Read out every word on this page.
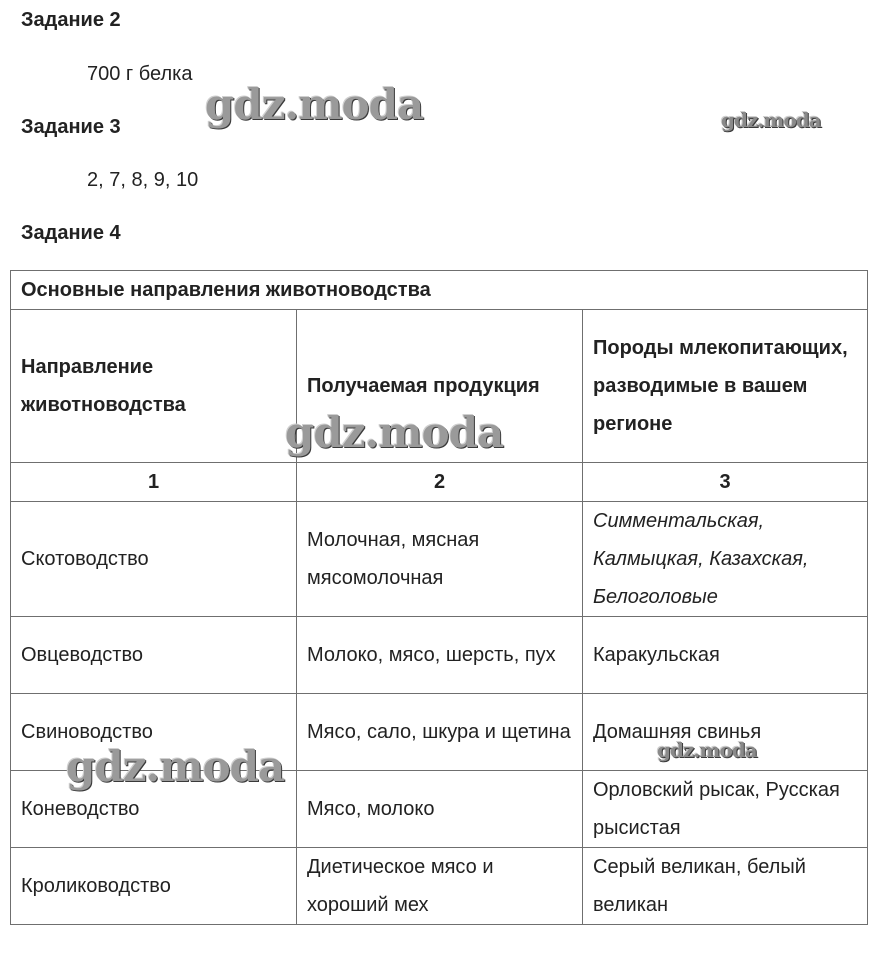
Задание 2
700 г белка
Задание 3
2, 7, 8, 9, 10
Задание 4
Основные направления животноводства		
Направление животноводства	Получаемая продукция	Породы млекопитающих, разводимые в вашем регионе
1	2	3
Скотоводство	Молочная, мясная мясомолочная	Симментальская, Калмыцкая, Казахская, Белоголовые
Овцеводство	Молоко, мясо, шерсть, пух	Каракульская
Свиноводство	Мясо, сало, шкура и щетина	Домашняя свинья
Коневодство	Мясо, молоко	Орловский рысак, Русская рысистая
Кролиководство	Диетическое мясо и хороший мех	Серый великан, белый великан
gdz.moda	gdz.moda
gdz.moda
gdz.moda	gdz.moda
